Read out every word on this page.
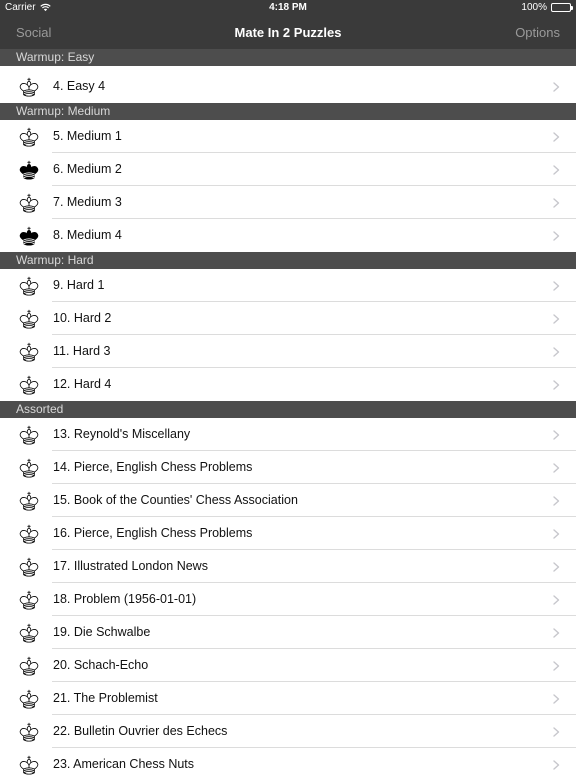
Carrier	4:18 PM	100%
Social	Mate In 2 Puzzles	Options
Warmup: Easy
4. Easy 4
Warmup: Medium
5. Medium 1
6. Medium 2
7. Medium 3
8. Medium 4
Warmup: Hard
9. Hard 1
10. Hard 2
11. Hard 3
12. Hard 4
Assorted
13. Reynold's Miscellany
14. Pierce, English Chess Problems
15. Book of the Counties' Chess Association
16. Pierce, English Chess Problems
17. Illustrated London News
18. Problem (1956-01-01)
19. Die Schwalbe
20. Schach-Echo
21. The Problemist
22. Bulletin Ouvrier des Echecs
23. American Chess Nuts
